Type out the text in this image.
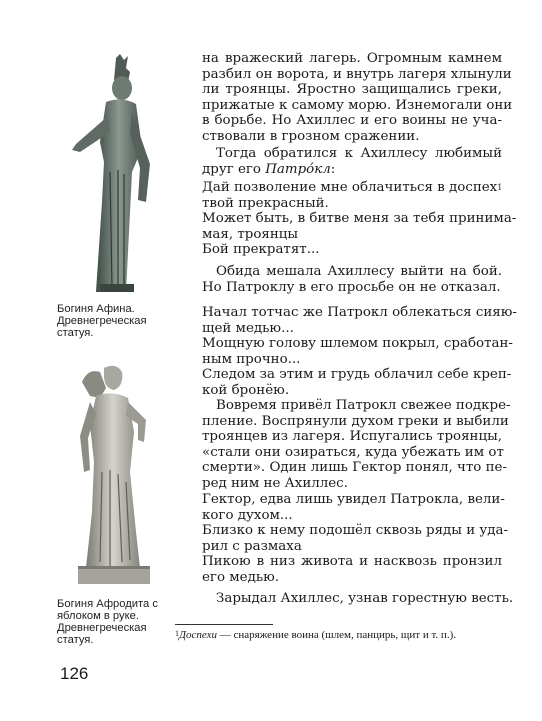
Богиня Афина. Древнегреческая статуя.
Богиня Афродита с яблоком в руке. Древнегреческая статуя.
на вражеский лагерь. Огромным камнем
разбил он ворота, и внутрь лагеря хлынули
ли троянцы. Яростно защищались греки,
прижатые к самому морю. Изнемогали они
в борьбе. Но Ахиллес и его воины не уча-
ствовали в грозном сражении.
Тогда обратился к Ахиллесу любимый
друг его Патро́кл:
Дай позволение мне облачиться в доспех$^1$
твой прекрасный.
Может быть, в битве меня за тебя принима-
мая, троянцы
Бой прекратят...
Обида мешала Ахиллесу выйти на бой.
Но Патроклу в его просьбе он не отказал.
Начал тотчас же Патрокл облекаться сияю-
щей медью...
Мощную голову шлемом покрыл, сработан-
ным прочно...
Следом за этим и грудь облачил себе креп-
кой бронёю.
Вовремя привёл Патрокл свежее подкре-
пление. Воспрянули духом греки и выбили
троянцев из лагеря. Испугались троянцы,
«стали они озираться, куда убежать им от
смерти». Один лишь Гектор понял, что пе-
ред ним не Ахиллес.
Гектор, едва лишь увидел Патрокла, вели-
кого духом...
Близко к нему подошёл сквозь ряды и уда-
рил с размаха
Пикою в низ живота и насквозь пронзил
его медью.
Зарыдал Ахиллес, узнав горестную весть.
$^1$Доспехи — снаряжение воина (шлем, панцирь, щит и т. п.).
126
